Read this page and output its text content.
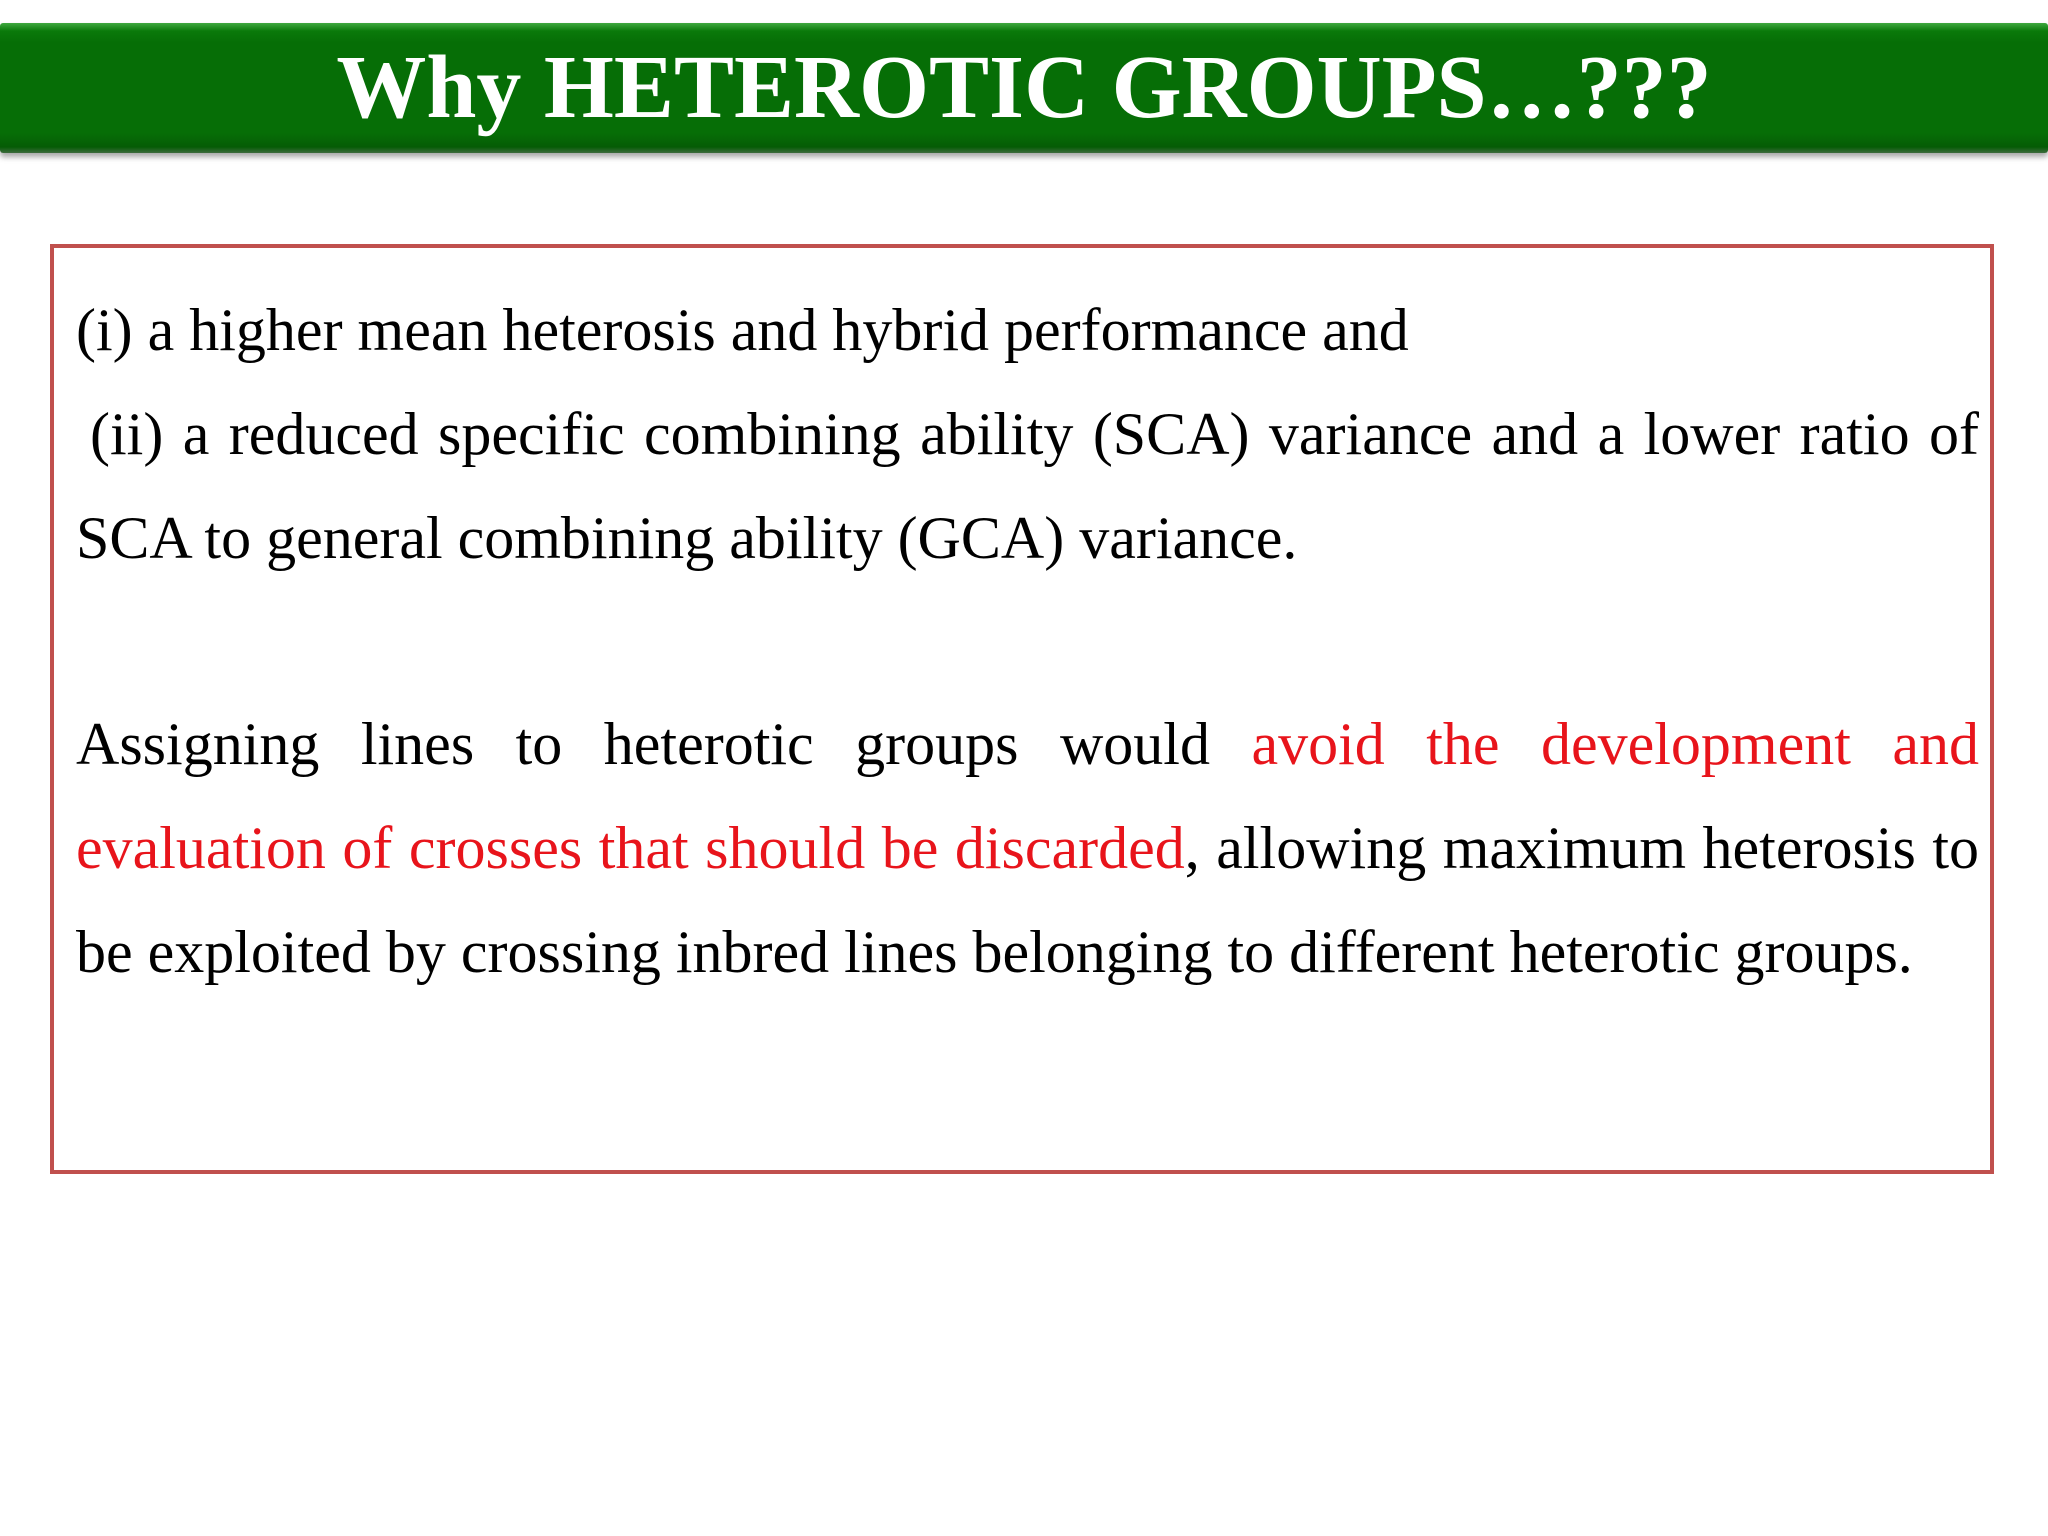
Why HETEROTIC GROUPS…???
(i) a higher mean heterosis and hybrid performance and
(ii) a reduced specific combining ability (SCA) variance and a lower ratio of SCA to general combining ability (GCA) variance.

Assigning lines to heterotic groups would avoid the development and evaluation of crosses that should be discarded, allowing maximum heterosis to be exploited by crossing inbred lines belonging to different heterotic groups.
